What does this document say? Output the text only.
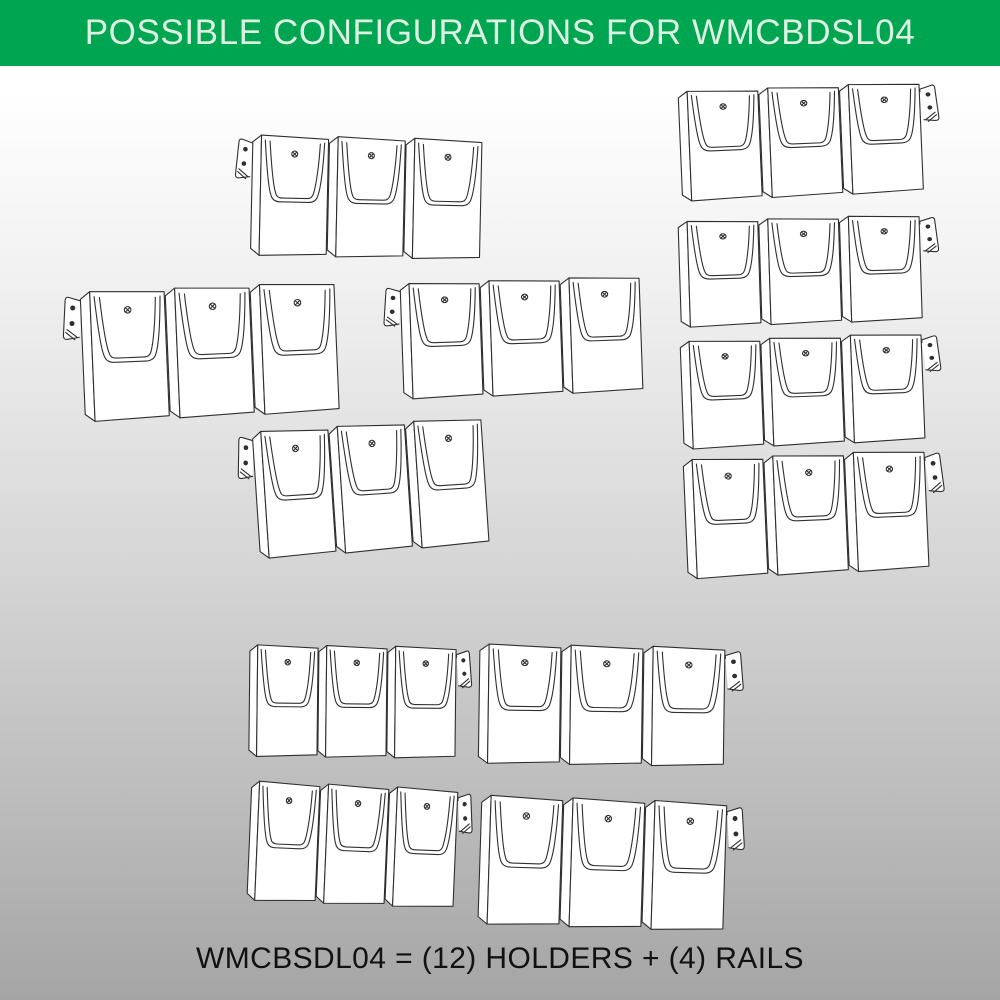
POSSIBLE CONFIGURATIONS FOR WMCBDSL04
WMCBSDL04 = (12) HOLDERS + (4) RAILS
